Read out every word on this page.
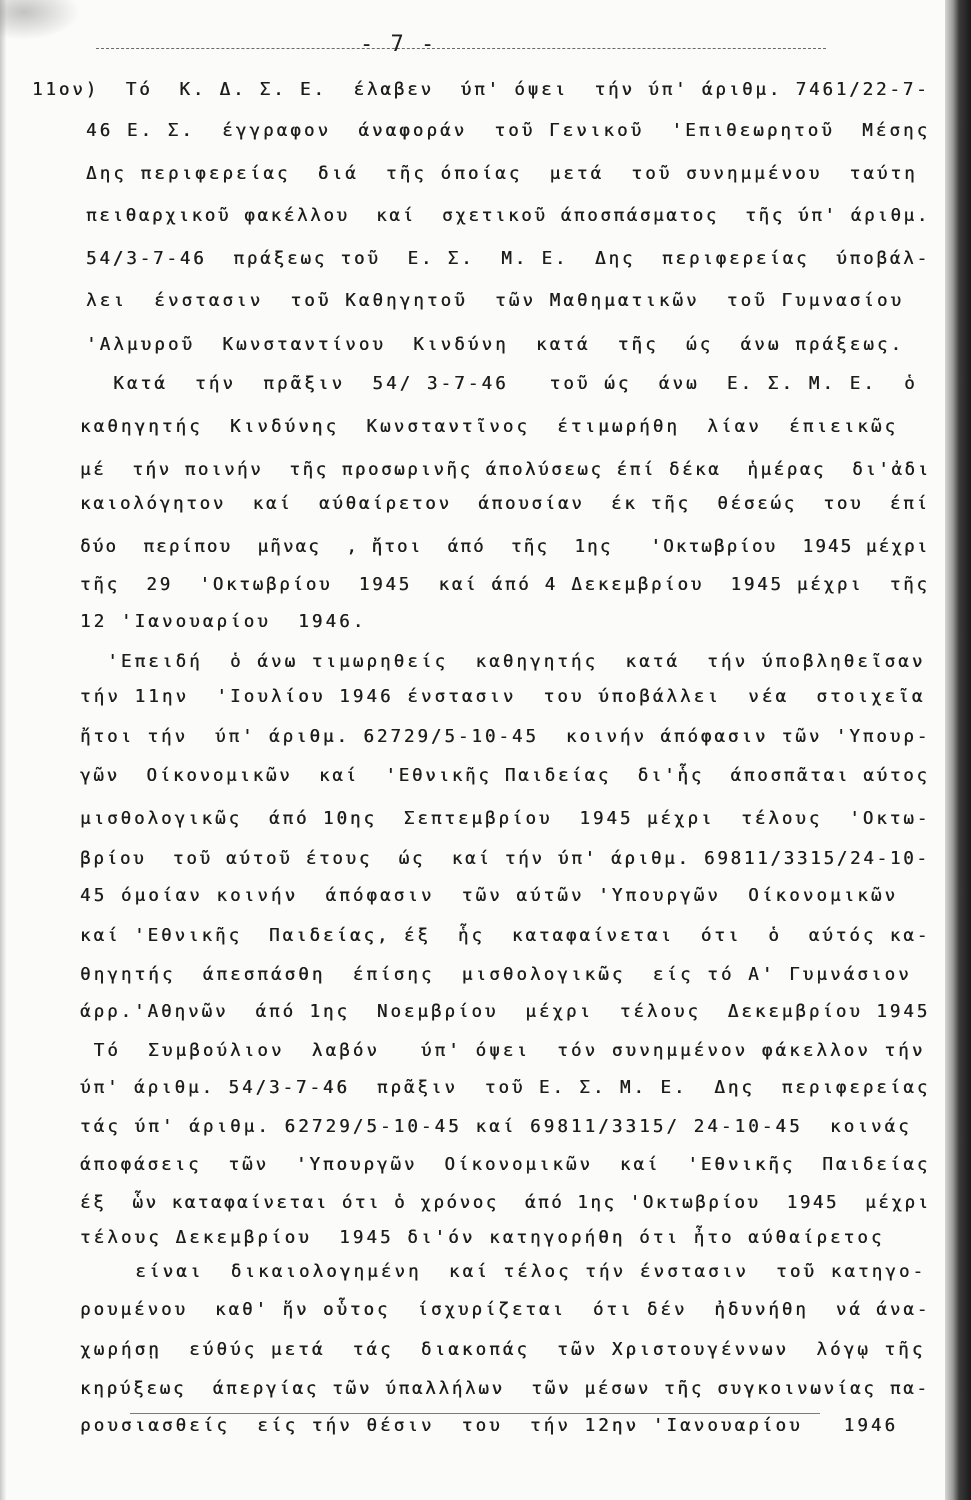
- 7 -
11ον)  Τό  Κ. Δ. Σ. Ε.  έλαβεν  ύπ' όψει  τήν ύπ' άριθμ. 7461/22-7-
46 Ε. Σ.  έγγραφον  άναφοράν  τοῦ Γενικοῦ  'Επιθεωρητοῦ  Μέσης
Δης περιφερείας  διά  τῆς όποίας  μετά  τοῦ συνημμένου  ταύτη
πειθαρχικοῦ φακέλλου  καί  σχετικοῦ άποσπάσματος  τῆς ύπ' άριθμ.
54/3-7-46  πράξεως τοῦ  Ε. Σ.  Μ. Ε.  Δης  περιφερείας  ύποβάλ-
λει  ένστασιν  τοῦ Καθηγητοῦ  τῶν Μαθηματικῶν  τοῦ Γυμνασίου
'Αλμυροῦ  Κωνσταντίνου  Κινδύνη  κατά  τῆς  ώς  άνω πράξεως.
Κατά  τήν  πρᾶξιν  54/ 3-7-46   τοῦ ώς  άνω  Ε. Σ. Μ. Ε.  ὁ
καθηγητής  Κινδύνης  Κωνσταντῖνος  έτιμωρήθη  λίαν  έπιεικῶς
μέ  τήν ποινήν  τῆς προσωρινῆς άπολύσεως έπί δέκα  ἡμέρας  δι'ἀδι
καιολόγητον  καί  αύθαίρετον  άπουσίαν  έκ τῆς  θέσεώς  του  έπί
δύο  περίπου  μῆνας  , ἤτοι  άπό  τῆς  1ης   'Οκτωβρίου  1945 μέχρι
τῆς  29  'Οκτωβρίου  1945  καί άπό 4 Δεκεμβρίου  1945 μέχρι  τῆς
12 'Ιανουαρίου  1946.
'Επειδή  ὁ άνω τιμωρηθείς  καθηγητής  κατά  τήν ύποβληθεῖσαν
τήν 11ην  'Ιουλίου 1946 ένστασιν  του ύποβάλλει  νέα  στοιχεῖα
ἤτοι τήν  ύπ' άριθμ. 62729/5-10-45  κοινήν άπόφασιν τῶν 'Υπουρ-
γῶν  Οίκονομικῶν  καί  'Εθνικῆς Παιδείας  δι'ἧς  άποσπᾶται αύτος
μισθολογικῶς  άπό 10ης  Σεπτεμβρίου  1945 μέχρι  τέλους  'Οκτω-
βρίου  τοῦ αύτοῦ έτους  ώς  καί τήν ύπ' άριθμ. 69811/3315/24-10-
45 όμοίαν κοινήν  άπόφασιν  τῶν αύτῶν 'Υπουργῶν  Οίκονομικῶν
καί 'Εθνικῆς  Παιδείας, έξ  ἧς  καταφαίνεται  ότι  ὁ  αύτός κα-
θηγητής  άπεσπάσθη  έπίσης  μισθολογικῶς  είς τό Α' Γυμνάσιον
άρρ.'Αθηνῶν  άπό 1ης  Νοεμβρίου  μέχρι  τέλους  Δεκεμβρίου 1945
Τό  Συμβούλιον  λαβόν   ύπ' όψει  τόν συνημμένον φάκελλον τήν
ύπ' άριθμ. 54/3-7-46  πρᾶξιν  τοῦ Ε. Σ. Μ. Ε.  Δης  περιφερείας
τάς ύπ' άριθμ. 62729/5-10-45 καί 69811/3315/ 24-10-45  κοινάς
άποφάσεις  τῶν  'Υπουργῶν  Οίκονομικῶν  καί  'Εθνικῆς  Παιδείας
έξ  ὧν καταφαίνεται ότι ὁ χρόνος  άπό 1ης 'Οκτωβρίου  1945  μέχρι
τέλους Δεκεμβρίου  1945 δι'όν κατηγορήθη ότι ἦτο αύθαίρετος
είναι  δικαιολογημένη  καί τέλος τήν ένστασιν  τοῦ κατηγο-
ρουμένου  καθ' ἥν οὗτος  ίσχυρίζεται  ότι δέν  ἠδυνήθη  νά άνα-
χωρήσῃ  εύθύς μετά  τάς  διακοπάς  τῶν Χριστουγέννων  λόγῳ τῆς
κηρύξεως  άπεργίας τῶν ύπαλλήλων  τῶν μέσων τῆς συγκοινωνίας πα-
ρουσιασθείς  είς τήν θέσιν  του  τήν 12ην 'Ιανουαρίου   1946
